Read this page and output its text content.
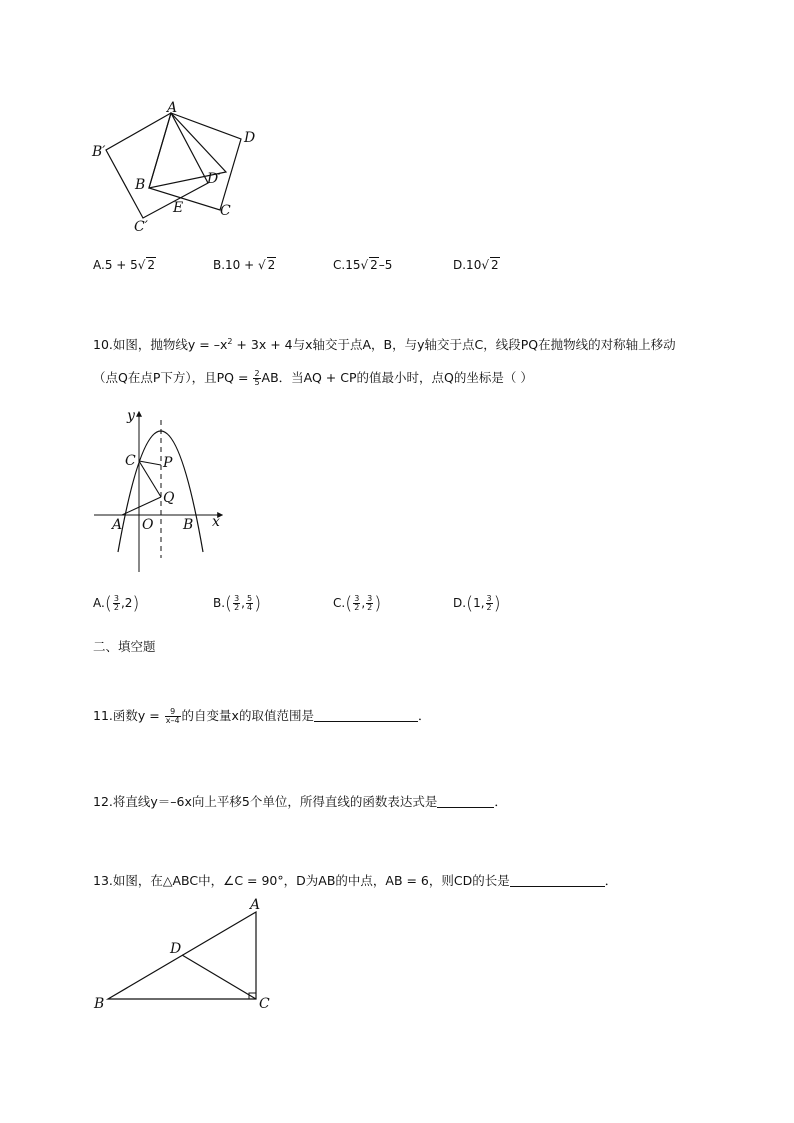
A
B′
D
B	D′
E	C
C′
A.5 + 5√ 2	B.10 + √ 2	C.15√ 2–5	D.10√ 2
10.如图，抛物线$y = -x^2 + 3x + 4$与x轴交于点A，B，与y轴交于点C，线段PQ在抛物线的对称轴上移动
（点Q在点P下方），且PQ = $\frac{2}{5}$ AB．当AQ + CP的值最小时，点Q的坐标是（ ）
y
C P
Q
A O B x
$A.( \frac{3}{2} ,2)$	$B.( \frac{3}{2}$ , $\frac{5}{4}$ )	$C.( \frac{3}{2}$ , $\frac{3}{2}$ )	D.(1, $\frac{3}{2}$ )
二、填空题
11.函数$y = \frac{9}{x-4}$ 的自变量x的取值范围是	．
12.将直线y＝–6x向上平移5个单位，所得直线的函数表达式是	．
13.如图，在△ABC中，∠C = 90°，D为AB的中点，AB = 6，则CD的长是	．
A
D
B	C
